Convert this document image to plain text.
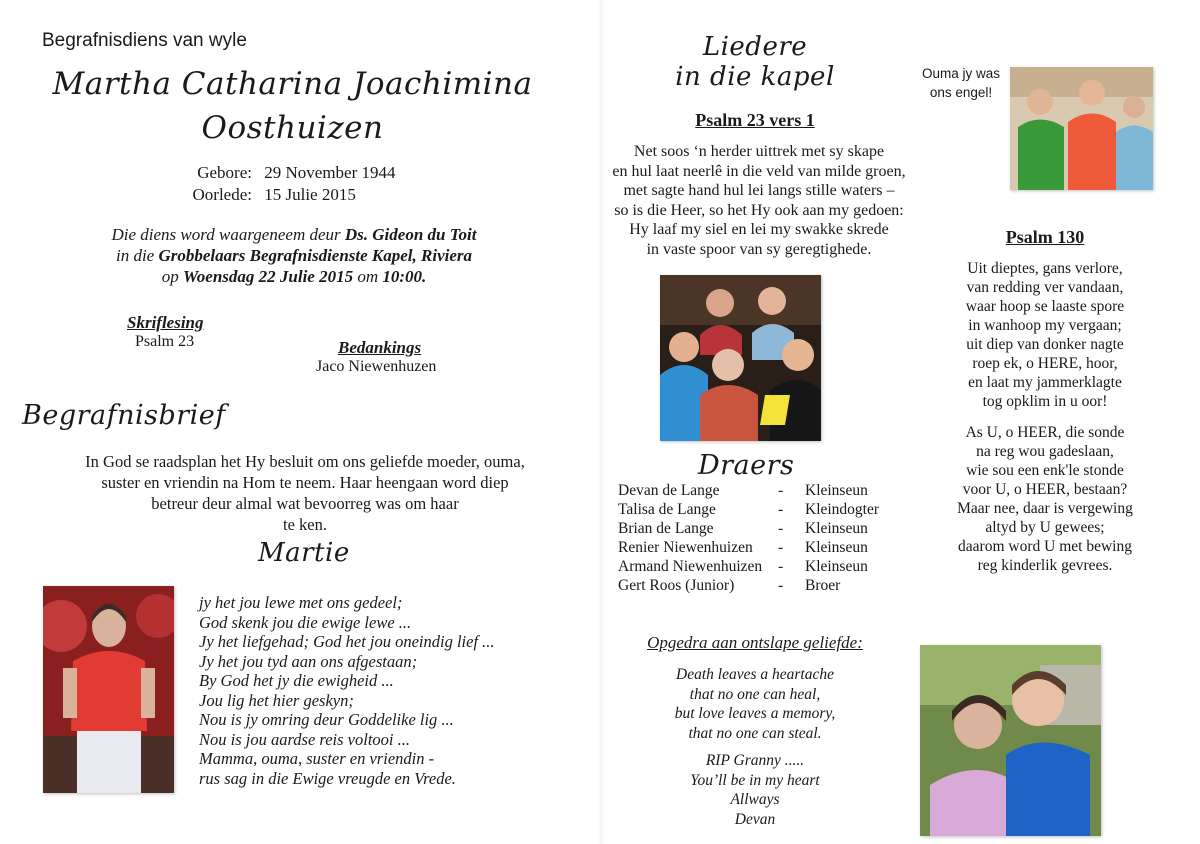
Begrafnisdiens van wyle
Martha Catharina Joachimina
Oosthuizen
Gebore: 29 November 1944
Oorlede: 15 Julie 2015
Die diens word waargeneem deur Ds. Gideon du Toit
in die Grobbelaars Begrafnisdienste Kapel, Riviera
op Woensdag 22 Julie 2015 om 10:00.
Skriflesing
Psalm 23	Bedankings
Jaco Niewenhuzen
Begrafnisbrief
In God se raadsplan het Hy besluit om ons geliefde moeder, ouma,
suster en vriendin na Hom te neem. Haar heengaan word diep
betreur deur almal wat bevoorreg was om haar
te ken.
Martie
jy het jou lewe met ons gedeel;
God skenk jou die ewige lewe ...
Jy het liefgehad; God het jou oneindig lief ...
Jy het jou tyd aan ons afgestaan;
By God het jy die ewigheid ...
Jou lig het hier geskyn;
Nou is jy omring deur Goddelike lig ...
Nou is jou aardse reis voltooi ...
Mamma, ouma, suster en vriendin -
rus sag in die Ewige vreugde en Vrede.
Liedere
in die kapel
Psalm 23 vers 1
Net soos ‘n herder uittrek met sy skape
en hul laat neerlê in die veld van milde groen,
met sagte hand hul lei langs stille waters –
so is die Heer, so het Hy ook aan my gedoen:
Hy laaf my siel en lei my swakke skrede
in vaste spoor van sy geregtighede.
Draers
Devan de Lange	-	Kleinseun
Talisa de Lange	-	Kleindogter
Brian de Lange	-	Kleinseun
Renier Niewenhuizen	-	Kleinseun
Armand Niewenhuizen	-	Kleinseun
Gert Roos (Junior)	-	Broer
Opgedra aan ontslape geliefde:
Death leaves a heartache
that no one can heal,
but love leaves a memory,
that no one can steal.
RIP Granny .....
You’ll be in my heart
Allways
Devan
Ouma jy was
ons engel!
Psalm 130
Uit dieptes, gans verlore,
van redding ver vandaan,
waar hoop se laaste spore
in wanhoop my vergaan;
uit diep van donker nagte
roep ek, o HERE, hoor,
en laat my jammerklagte
tog opklim in u oor!
As U, o HEER, die sonde
na reg wou gadeslaan,
wie sou een enk'le stonde
voor U, o HEER, bestaan?
Maar nee, daar is vergewing
altyd by U gewees;
daarom word U met bewing
reg kinderlik gevrees.
